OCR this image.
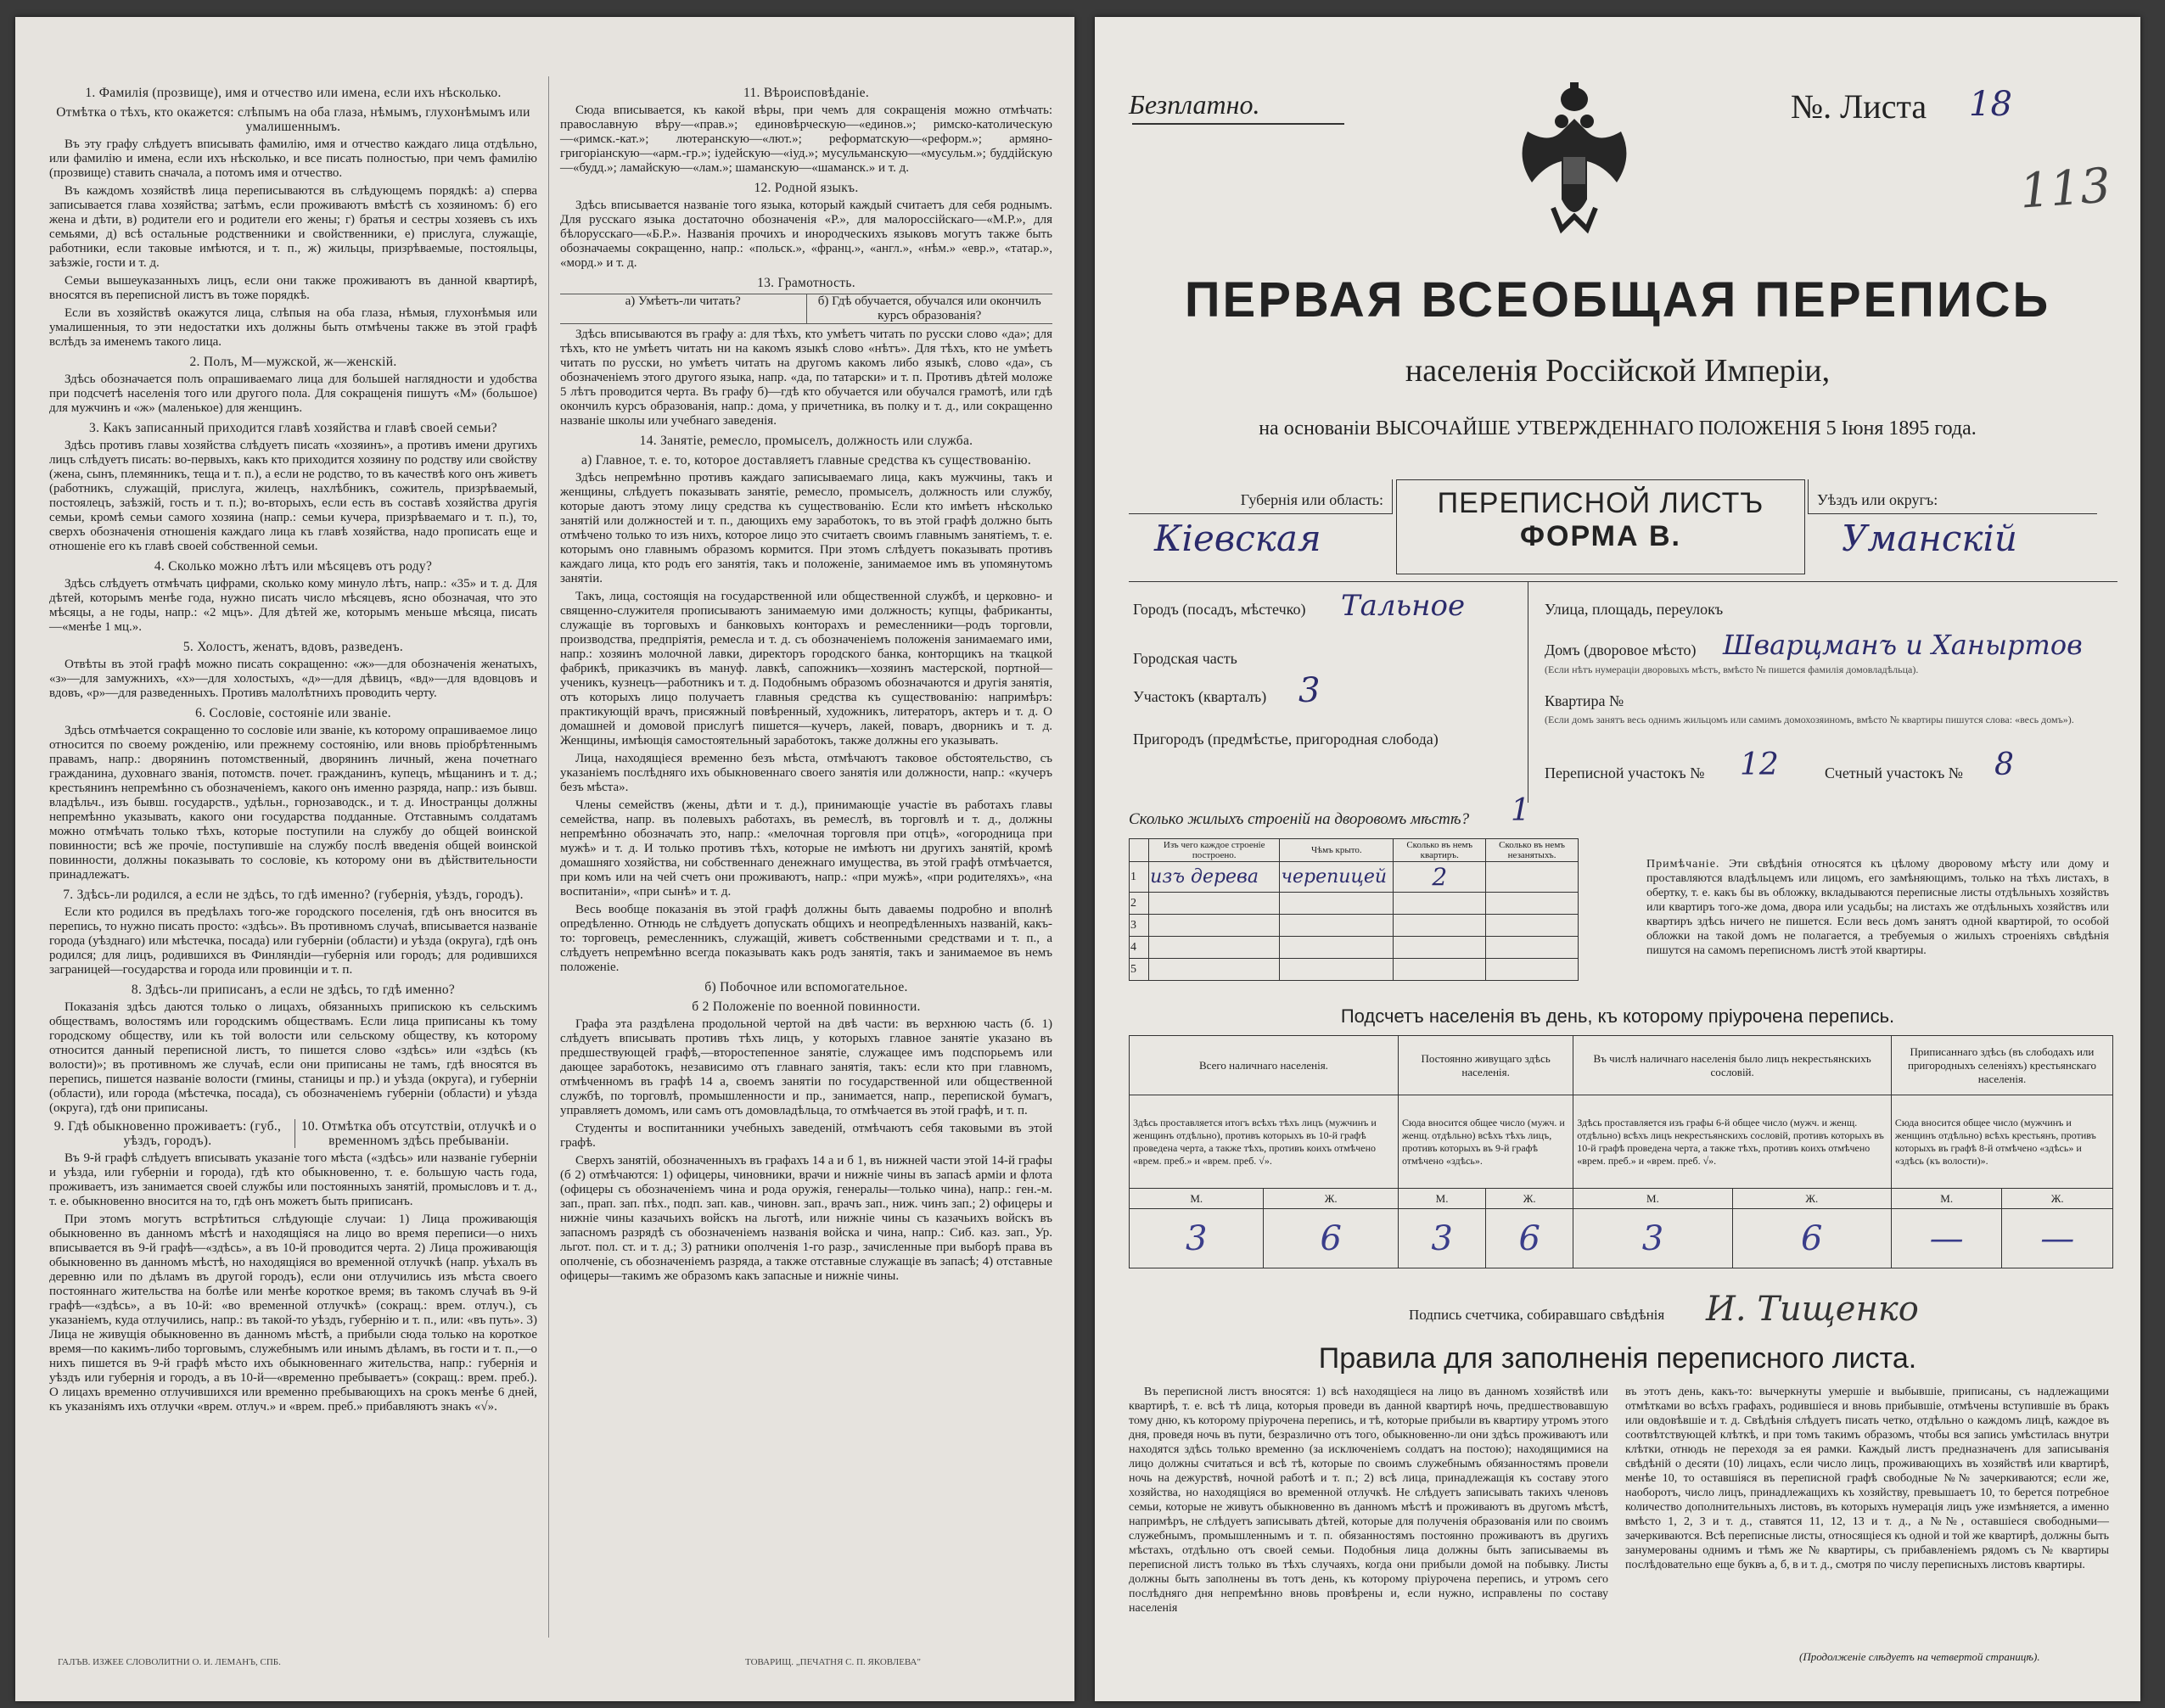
1. Фамилія (прозвище), имя и отчество или имена, если ихъ нѣсколько.
Отмѣтка о тѣхъ, кто окажется: слѣпымъ на оба глаза, нѣмымъ, глухонѣмымъ или умалишеннымъ.

Въ эту графу слѣдуетъ вписывать фамилію, имя и отчество каждаго лица отдѣльно, или фамилію и имена, если ихъ нѣсколько, и все писать полностью, при чемъ фамилію (прозвище) ставить сначала, а потомъ имя и отчество.

Въ каждомъ хозяйствѣ лица переписываются въ слѣдующемъ порядкѣ: а) сперва записывается глава хозяйства; затѣмъ, если проживаютъ вмѣстѣ съ хозяиномъ: б) его жена и дѣти, в) родители его и родители его жены; г) братья и сестры хозяевъ съ ихъ семьями, д) всѣ остальные родственники и свойственники, е) прислуга, служащіе, работники, если таковые имѣются, и т. п., ж) жильцы, призрѣваемые, постояльцы, заѣзжіе, гости и т. д.

Семьи вышеуказанныхъ лицъ, если они также проживаютъ въ данной квартирѣ, вносятся въ переписной листъ въ тоже порядкѣ.

Если въ хозяйствѣ окажутся лица, слѣпыя на оба глаза, нѣмыя, глухонѣмыя или умалишенныя, то эти недостатки ихъ должны быть отмѣчены также въ этой графѣ вслѣдъ за именемъ такого лица.

2. Полъ, М—мужской, ж—женскій.

Здѣсь обозначается полъ опрашиваемаго лица для большей наглядности и удобства при подсчетѣ населенія того или другого пола. Для сокращенія пишутъ «М» (большое) для мужчинъ и «ж» (маленькое) для женщинъ.

3. Какъ записанный приходится главѣ хозяйства и главѣ своей семьи?

Здѣсь противъ главы хозяйства слѣдуетъ писать «хозяинъ», а противъ имени другихъ лицъ слѣдуетъ писать: во-первыхъ, какъ кто приходится хозяину по родству или свойству (жена, сынъ, племянникъ, теща и т. п.), а если не родство, то въ качествѣ кого онъ живетъ (работникъ, служащій, прислуга, жилецъ, нахлѣбникъ, сожитель, призрѣваемый, постоялецъ, заѣзжій, гость и т. п.); во-вторыхъ, если есть въ составѣ хозяйства другія семьи, кромѣ семьи самого хозяина (напр.: семьи кучера, призрѣваемаго и т. п.), то, сверхъ обозначенія отношенія каждаго лица къ главѣ хозяйства, надо прописать еще и отношеніе его къ главѣ своей собственной семьи.

4. Сколько можно лѣтъ или мѣсяцевъ отъ роду?

Здѣсь слѣдуетъ отмѣчать цифрами, сколько кому минуло лѣтъ, напр.: «35» и т. д. Для дѣтей, которымъ менѣе года, нужно писать число мѣсяцевъ, ясно обозначая, что это мѣсяцы, а не годы, напр.: «2 мцъ». Для дѣтей же, которымъ меньше мѣсяца, писать—«менѣе 1 мц.».

5. Холостъ, женатъ, вдовъ, разведенъ.

Отвѣты въ этой графѣ можно писать сокращенно: «ж»—для обозначенія женатыхъ, «з»—для замужнихъ, «х»—для холостыхъ, «д»—для дѣвицъ, «вд»—для вдовцовъ и вдовъ, «р»—для разведенныхъ. Противъ малолѣтнихъ проводить черту.

6. Сословіе, состояніе или званіе.

Здѣсь отмѣчается сокращенно то сословіе или званіе, къ которому опрашиваемое лицо относится по своему рожденію, или прежнему состоянію, или вновь пріобрѣтеннымъ правамъ, напр.: дворянинъ потомственный, дворянинъ личный, жена почетнаго гражданина, духовнаго званія, потомств. почет. гражданинъ, купецъ, мѣщанинъ и т. д.; крестьянинъ непремѣнно съ обозначеніемъ, какого онъ именно разряда, напр.: изъ бывш. владѣльч., изъ бывш. государств., удѣльн., горнозаводск., и т. д. Иностранцы должны непремѣнно указывать, какого они государства подданные. Отставнымъ солдатамъ можно отмѣчать только тѣхъ, которые поступили на службу до общей воинской повинности; всѣ же прочіе, поступившіе на службу послѣ введенія общей воинской повинности, должны показывать то сословіе, къ которому они въ дѣйствительности принадлежатъ.

7. Здѣсь-ли родился, а если не здѣсь, то гдѣ именно? (губернія, уѣздъ, городъ).

Если кто родился въ предѣлахъ того-же городского поселенія, гдѣ онъ вносится въ перепись, то нужно писать просто: «здѣсь». Въ противномъ случаѣ, вписывается названіе города (уѣзднаго) или мѣстечка, посада) или губерніи (области) и уѣзда (округа), гдѣ онъ родился; для лицъ, родившихся въ Финляндіи—губернія или городъ; для родившихся заграницей—государства и города или провинціи и т. п.

8. Здѣсь-ли приписанъ, а если не здѣсь, то гдѣ именно?

Показанія здѣсь даются только о лицахъ, обязанныхъ припискою къ сельскимъ обществамъ, волостямъ или городскимъ обществамъ. Если лица приписаны къ тому городскому обществу, или къ той волости или сельскому обществу, къ которому относится данный переписной листъ, то пишется слово «здѣсь» или «здѣсь (къ волости)»; въ противномъ же случаѣ, если они приписаны не тамъ, гдѣ вносятся въ перепись, пишется названіе волости (гмины, станицы и пр.) и уѣзда (округа), и губерніи (области), или города (мѣстечка, посада), съ обозначеніемъ губерніи (области) и уѣзда (округа), гдѣ они приписаны.

9. Гдѣ обыкновенно проживаетъ: (губ., уѣздъ, городъ).
10. Отмѣтка объ отсутствіи, отлучкѣ и о временномъ здѣсь пребываніи.

Въ 9-й графѣ слѣдуетъ вписывать указаніе того мѣста («здѣсь» или названіе губерніи и уѣзда, или губерніи и города), гдѣ кто обыкновенно, т. е. большую часть года, проживаетъ, изъ занимается своей службы или постоянныхъ занятій, промысловъ и т. д., т. е. обыкновенно вносится на то, гдѣ онъ можетъ быть приписанъ.

При этомъ могутъ встрѣтиться слѣдующіе случаи: 1) Лица проживающія обыкновенно въ данномъ мѣстѣ и находящіяся на лицо во время переписи—о нихъ вписывается въ 9-й графѣ—«здѣсь», а въ 10-й проводится черта. 2) Лица проживающія обыкновенно въ данномъ мѣстѣ, но находящіяся во временной отлучкѣ (напр. уѣхалъ въ деревню или по дѣламъ въ другой городъ), если они отлучились изъ мѣста своего постояннаго жительства на болѣе или менѣе короткое время; въ такомъ случаѣ въ 9-й графѣ—«здѣсь», а въ 10-й: «во временной отлучкѣ» (сокращ.: врем. отлуч.), съ указаніемъ, куда отлучились, напр.: въ такой-то уѣздъ, губернію и т. п., или: «въ путь». 3) Лица не живущія обыкновенно въ данномъ мѣстѣ, а прибыли сюда только на короткое время—по какимъ-либо торговымъ, служебнымъ или инымъ дѣламъ, въ гости и т. п.,—о нихъ пишется въ 9-й графѣ мѣсто ихъ обыкновеннаго жительства, напр.: губернія и уѣздъ или губернія и городъ, а въ 10-й—«временно пребываетъ» (сокращ.: врем. преб.). О лицахъ временно отлучившихся или временно пребывающихъ на срокъ менѣе 6 дней, къ указаніямъ ихъ отлучки «врем. отлуч.» и «врем. преб.» прибавляютъ знакъ «√».

11. Вѣроисповѣданіе.

Сюда вписывается, къ какой вѣры, при чемъ для сокращенія можно отмѣчать: православную вѣру—«прав.»; единовѣрческую—«единов.»; римско-католическую—«римск.-кат.»; лютеранскую—«лют.»; реформатскую—«реформ.»; армяно-григоріанскую—«арм.-гр.»; іудейскую—«іуд.»; мусульманскую—«мусульм.»; буддійскую—«будд.»; ламайскую—«лам.»; шаманскую—«шаманск.» и т. д.

12. Родной языкъ.

Здѣсь вписывается названіе того языка, который каждый считаетъ для себя роднымъ. Для русскаго языка достаточно обозначенія «Р.», для малороссійскаго—«М.Р.», для бѣлорусскаго—«Б.Р.». Названія прочихъ и инородческихъ языковъ могутъ также быть обозначаемы сокращенно, напр.: «польск.», «франц.», «англ.», «нѣм.» «евр.», «татар.», «морд.» и т. д.

13. Грамотность.
а) Умѣетъ-ли читать?	б) Гдѣ обучается, обучался или окончилъ курсъ образованія?

Здѣсь вписываются въ графу а: для тѣхъ, кто умѣетъ читать по русски слово «да»; для тѣхъ, кто не умѣетъ читать ни на какомъ языкѣ слово «нѣтъ». Для тѣхъ, кто не умѣетъ читать по русски, но умѣетъ читать на другомъ какомъ либо языкѣ, слово «да», съ обозначеніемъ этого другого языка, напр. «да, по татарски» и т. п. Противъ дѣтей моложе 5 лѣтъ проводится черта. Въ графу б)—гдѣ кто обучается или обучался грамотѣ, или гдѣ окончилъ курсъ образованія, напр.: дома, у причетника, въ полку и т. д., или сокращенно названіе школы или учебнаго заведенія.

14. Занятіе, ремесло, промыселъ, должность или служба.
а) Главное, т. е. то, которое доставляетъ главные средства къ существованію.

Здѣсь непремѣнно противъ каждаго записываемаго лица, какъ мужчины, такъ и женщины, слѣдуетъ показывать занятіе, ремесло, промыселъ, должность или службу, которые даютъ этому лицу средства къ существованію. Если кто имѣетъ нѣсколько занятій или должностей и т. п., дающихъ ему заработокъ, то въ этой графѣ должно быть отмѣчено только то изъ нихъ, которое лицо это считаетъ своимъ главнымъ занятіемъ, т. е. которымъ оно главнымъ образомъ кормится. При этомъ слѣдуетъ показывать противъ каждаго лица, кто родъ его занятія, такъ и положеніе, занимаемое имъ въ упомянутомъ занятіи.

Такъ, лица, состоящія на государственной или общественной службѣ, и церковно- и священно-служителя прописываютъ занимаемую ими должность; купцы, фабриканты, служащіе въ торговыхъ и банковыхъ конторахъ и ремесленники—родъ торговли, производства, предпріятія, ремесла и т. д. съ обозначеніемъ положенія занимаемаго ими, напр.: хозяинъ молочной лавки, директоръ городского банка, конторщикъ на ткацкой фабрикѣ, приказчикъ въ мануф. лавкѣ, сапожникъ—хозяинъ мастерской, портной—ученикъ, кузнецъ—работникъ и т. д. Подобнымъ образомъ обозначаются и другія занятія, отъ которыхъ лицо получаетъ главныя средства къ существованію: напримѣръ: практикующій врачъ, присяжный повѣренный, художникъ, литераторъ, актеръ и т. д. О домашней и домовой прислугѣ пишется—кучеръ, лакей, поваръ, дворникъ и т. д. Женщины, имѣющія самостоятельный заработокъ, также должны его указывать.

Лица, находящіеся временно безъ мѣста, отмѣчаютъ таковое обстоятельство, съ указаніемъ послѣдняго ихъ обыкновеннаго своего занятія или должности, напр.: «кучеръ безъ мѣста».

Члены семействъ (жены, дѣти и т. д.), принимающіе участіе въ работахъ главы семейства, напр. въ полевыхъ работахъ, въ ремеслѣ, въ торговлѣ и т. д., должны непремѣнно обозначать это, напр.: «мелочная торговля при отцѣ», «огородница при мужѣ» и т. д. И только противъ тѣхъ, которые не имѣютъ ни другихъ занятій, кромѣ домашняго хозяйства, ни собственнаго денежнаго имущества, въ этой графѣ отмѣчается, при комъ или на чей счетъ они проживаютъ, напр.: «при мужѣ», «при родителяхъ», «на воспитаніи», «при сынѣ» и т. д.

Весь вообще показанія въ этой графѣ должны быть даваемы подробно и вполнѣ опредѣленно. Отнюдь не слѣдуетъ допускать общихъ и неопредѣленныхъ названій, какъ-то: торговецъ, ремесленникъ, служащій, живетъ собственными средствами и т. п., а слѣдуетъ непремѣнно всегда показывать какъ родъ занятія, такъ и занимаемое въ немъ положеніе.

б) Побочное или вспомогательное.
б 2 Положеніе по военной повинности.

Графа эта раздѣлена продольной чертой на двѣ части: въ верхнюю часть (б. 1) слѣдуетъ вписывать противъ тѣхъ лицъ, у которыхъ главное занятіе указано въ предшествующей графѣ,—второстепенное занятіе, служащее имъ подспорьемъ или дающее заработокъ, независимо отъ главнаго занятія, такъ: если кто при главномъ, отмѣченномъ въ графѣ 14 а, своемъ занятіи по государственной или общественной службѣ, по торговлѣ, промышленности и пр., занимается, напр., перепиской бумагъ, управляетъ домомъ, или самъ отъ домовладѣльца, то отмѣчается въ этой графѣ, и т. п.

Студенты и воспитанники учебныхъ заведеній, отмѣчаютъ себя таковыми въ этой графѣ.

Сверхъ занятій, обозначенныхъ въ графахъ 14 а и б 1, въ нижней части этой 14-й графы (б 2) отмѣчаются: 1) офицеры, чиновники, врачи и нижніе чины въ запасѣ арміи и флота (офицеры съ обозначеніемъ чина и рода оружія, генералы—только чина), напр.: ген.-м. зап., прап. зап. пѣх., подп. зап. кав., чиновн. зап., врачъ зап., ниж. чинъ зап.; 2) офицеры и нижніе чины казачьихъ войскъ на льготѣ, или нижніе чины съ казачьихъ войскъ въ запасномъ разрядѣ съ обозначеніемъ названія войска и чина, напр.: Сиб. каз. зап., Ур. льгот. пол. ст. и т. д.; 3) ратники ополченія 1-го разр., зачисленные при выборѣ права въ ополченіе, съ обозначеніемъ разряда, а также отставные служащіе въ запасѣ; 4) отставные офицеры—такимъ же образомъ какъ запасные и нижніе чины.

ГАЛЪВ. ИЗЖЕЕ СЛОВОЛИТНИ О. И. ЛЕМАНЪ, СПБ.	ТОВАРИЩ. „ПЕЧАТНЯ С. П. ЯКОВЛЕВА"
Безплатно.	№. Листа 18
113
ПЕРВАЯ ВСЕОБЩАЯ ПЕРЕПИСЬ
населенія Россійской Имперіи,
на основаніи ВЫСОЧАЙШЕ УТВЕРЖДЕННАГО ПОЛОЖЕНІЯ 5 Іюня 1895 года.
Губернія или область:
Кіевская
ПЕРЕПИСНОЙ ЛИСТЪ
ФОРМА В.
Уѣздъ или округъ:
Уманскій
Городъ (посадъ, мѣстечко) Тальное
Городская часть
Участокъ (кварталъ) 3
Пригородъ (предмѣстье, пригородная слобода)
Улица, площадь, переулокъ
Домъ (дворовое мѣсто) Шварцманъ и Ханыртов
(Если нѣтъ нумераціи дворовыхъ мѣстъ, вмѣсто № пишется фамилія домовладѣльца).
Квартира №
(Если домъ занятъ весь однимъ жильцомъ или самимъ домохозяиномъ, вмѣсто № квартиры пишутся слова: «весь домъ»).
Переписной участокъ № 12	Счетный участокъ № 8
Сколько жилыхъ строеній на дворовомъ мѣстѣ? 1
	Изъ чего каждое строеніе построено.	Чѣмъ крыто.	Сколько въ немъ квартиръ.	Сколько въ немъ незанятыхъ.
1	изъ дерева	черепицей	2	
2				
3				
4				
5				
Примѣчаніе. Эти свѣдѣнія относятся къ цѣлому дворовому мѣсту или дому и проставляются владѣльцемъ или лицомъ, его замѣняющимъ, только на тѣхъ листахъ, в обертку, т. е. какъ бы въ обложку, вкладываются переписные листы отдѣльныхъ хозяйствъ или квартиръ того-же дома, двора или усадьбы; на листахъ же отдѣльныхъ хозяйствъ или квартиръ здѣсь ничего не пишется. Если весь домъ занятъ одной квартирой, то особой обложки на такой домъ не полагается, а требуемыя о жилыхъ строеніяхъ свѣдѣнія пишутся на самомъ переписномъ листѣ этой квартиры.
Подсчетъ населенія въ день, къ которому пріурочена перепись.
Всего наличнаго населенія.		Постоянно живущаго здѣсь населенія.		Въ числѣ наличнаго населенія было лицъ некрестьянскихъ сословій.		Приписаннаго здѣсь (въ слободахъ или пригородныхъ селеніяхъ) крестьянскаго населенія.	
Здѣсь проставляется итогъ всѣхъ тѣхъ лицъ (мужчинъ и женщинъ отдѣльно), противъ которыхъ въ 10-й графѣ проведена черта, а также тѣхъ, противъ коихъ отмѣчено «врем. преб.» и «врем. преб. √».		Сюда вносится общее число (мужч. и женщ. отдѣльно) всѣхъ тѣхъ лицъ, противъ которыхъ въ 9-й графѣ отмѣчено «здѣсь».		Здѣсь проставляется изъ графы 6-й общее число (мужч. и женщ. отдѣльно) всѣхъ лицъ некрестьянскихъ сословій, противъ которыхъ въ 10-й графѣ проведена черта, а также тѣхъ, противъ коихъ отмѣчено «врем. преб.» и «врем. преб. √».		Сюда вносится общее число (мужчинъ и женщинъ отдѣльно) всѣхъ крестьянъ, противъ которыхъ въ графѣ 8-й отмѣчено «здѣсь» и «здѣсь (къ волости)».	
М.	Ж.	М.	Ж.	М.	Ж.	М.	Ж.
3	6	3	6	3	6	—	—
Подпись счетчика, собиравшаго свѣдѣнія И. Тищенко
Правила для заполненія переписного листа.
Въ переписной листъ вносятся: 1) всѣ находящіеся на лицо въ данномъ хозяйствѣ или квартирѣ, т. е. всѣ тѣ лица, которыя проведи въ данной квартирѣ ночь, предшествовавшую тому дню, къ которому пріурочена перепись, и тѣ, которые прибыли въ квартиру утромъ этого дня, проведя ночь въ пути, безразлично отъ того, обыкновенно-ли они здѣсь проживаютъ или находятся здѣсь только временно (за исключеніемъ солдатъ на постою); находящимися на лицо должны считаться и всѣ тѣ, которые по своимъ служебнымъ обязанностямъ провели ночь на дежурствѣ, ночной работѣ и т. п.; 2) всѣ лица, принадлежащія къ составу этого хозяйства, но находящіяся во временной отлучкѣ. Не слѣдуетъ записывать такихъ членовъ семьи, которые не живутъ обыкновенно въ данномъ мѣстѣ и проживаютъ въ другомъ мѣстѣ, напримѣръ, не слѣдуетъ записывать дѣтей, которые для полученія образованія или по своимъ служебнымъ, промышленнымъ и т. п. обязанностямъ постоянно проживаютъ въ другихъ мѣстахъ, отдѣльно отъ своей семьи. Подобныя лица должны быть записываемы въ переписной листъ только въ тѣхъ случаяхъ, когда они прибыли домой на побывку. Листы должны быть заполнены въ тотъ день, къ которому пріурочена перепись, и утромъ сего послѣдняго дня непремѣнно вновь провѣрены и, если нужно, исправлены по составу населенія
въ этотъ день, какъ-то: вычеркнуты умершіе и выбывшіе, приписаны, съ надлежащими отмѣтками во всѣхъ графахъ, родившіеся и вновь прибывшіе, отмѣчены вступившіе въ бракъ или овдовѣвшіе и т. д. Свѣдѣнія слѣдуетъ писать четко, отдѣльно о каждомъ лицѣ, каждое въ соотвѣтствующей клѣткѣ, и при томъ такимъ образомъ, чтобы вся запись умѣстилась внутри клѣтки, отнюдь не переходя за ея рамки. Каждый листъ предназначенъ для записыванія свѣдѣній о десяти (10) лицахъ, если число лицъ, проживающихъ въ хозяйствѣ или квартирѣ, менѣе 10, то оставшіяся въ переписной графѣ свободные №№ зачеркиваются; если же, наоборотъ, число лицъ, принадлежащихъ къ хозяйству, превышаетъ 10, то берется потребное количество дополнительныхъ листовъ, въ которыхъ нумерація лицъ уже измѣняется, а именно вмѣсто 1, 2, 3 и т. д., ставятся 11, 12, 13 и т. д., а №№, оставшіеся свободными—зачеркиваются. Всѣ переписные листы, относящіеся къ одной и той же квартирѣ, должны быть занумерованы однимъ и тѣмъ же № квартиры, съ прибавленіемъ рядомъ съ № квартиры послѣдовательно еще буквъ а, б, в и т. д., смотря по числу переписныхъ листовъ квартиры.
(Продолженіе слѣдуетъ на четвертой страницѣ).
